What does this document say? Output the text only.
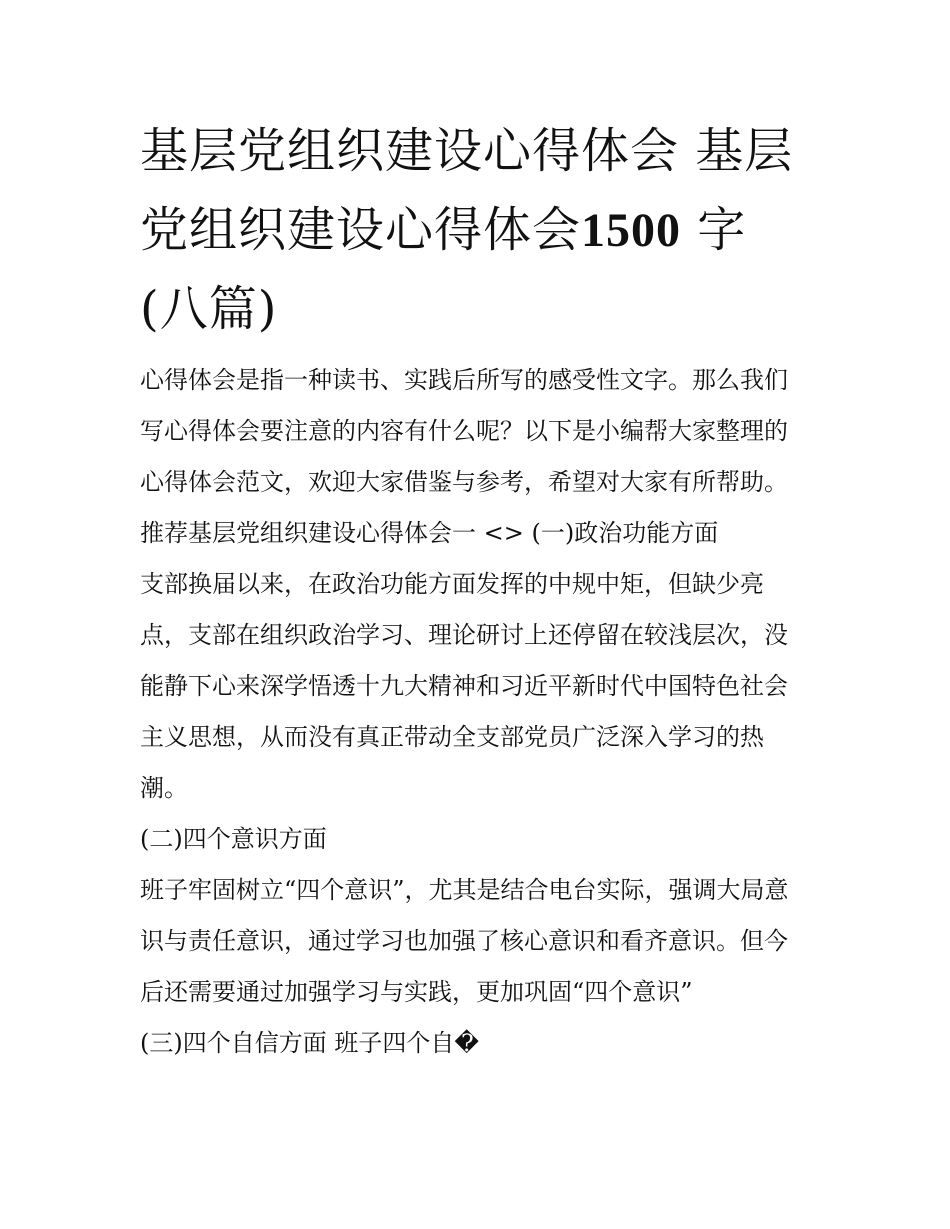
基层党组织建设心得体会 基层
党组织建设心得体会1500 字
(八篇)
心得体会是指一种读书、实践后所写的感受性文字。那么我们
写心得体会要注意的内容有什么呢？以下是小编帮大家整理的
心得体会范文，欢迎大家借鉴与参考，希望对大家有所帮助。
推荐基层党组织建设心得体会一 <> (一)政治功能方面
支部换届以来，在政治功能方面发挥的中规中矩，但缺少亮
点，支部在组织政治学习、理论研讨上还停留在较浅层次，没
能静下心来深学悟透十九大精神和习近平新时代中国特色社会
主义思想，从而没有真正带动全支部党员广泛深入学习的热
潮。
(二)四个意识方面
班子牢固树立“四个意识”，尤其是结合电台实际，强调大局意
识与责任意识，通过学习也加强了核心意识和看齐意识。但今
后还需要通过加强学习与实践，更加巩固“四个意识”
(三)四个自信方面 班子四个自�
